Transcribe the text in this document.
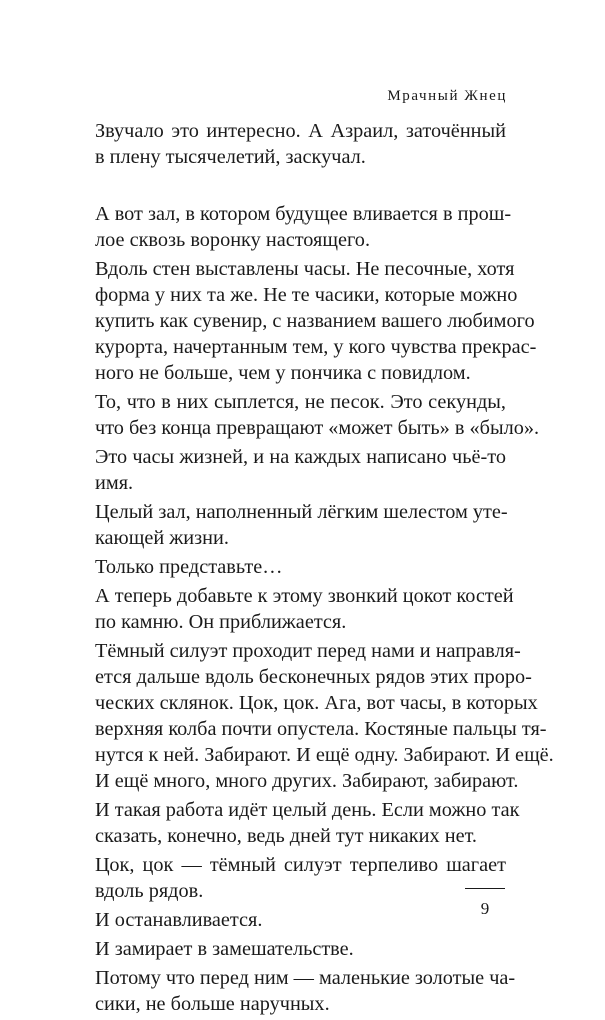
Мрачный Жнец
Звучало это интересно. А Азраил, заточённый
в плену тысячелетий, заскучал.
А вот зал, в котором будущее вливается в прош-
лое сквозь воронку настоящего.
Вдоль стен выставлены часы. Не песочные, хотя
форма у них та же. Не те часики, которые можно
купить как сувенир, с названием вашего любимого
курорта, начертанным тем, у кого чувства прекрас-
ного не больше, чем у пончика с повидлом.
То, что в них сыплется, не песок. Это секунды,
что без конца превращают «может быть» в «было».
Это часы жизней, и на каждых написано чьё-то
имя.
Целый зал, наполненный лёгким шелестом уте-
кающей жизни.
Только представьте…
А теперь добавьте к этому звонкий цокот костей
по камню. Он приближается.
Тёмный силуэт проходит перед нами и направля-
ется дальше вдоль бесконечных рядов этих проро-
ческих склянок. Цок, цок. Ага, вот часы, в которых
верхняя колба почти опустела. Костяные пальцы тя-
нутся к ней. Забирают. И ещё одну. Забирают. И ещё.
И ещё много, много других. Забирают, забирают.
И такая работа идёт целый день. Если можно так
сказать, конечно, ведь дней тут никаких нет.
Цок, цок — тёмный силуэт терпеливо шагает
вдоль рядов.
И останавливается.
И замирает в замешательстве.
Потому что перед ним — маленькие золотые ча-
сики, не больше наручных.
9
